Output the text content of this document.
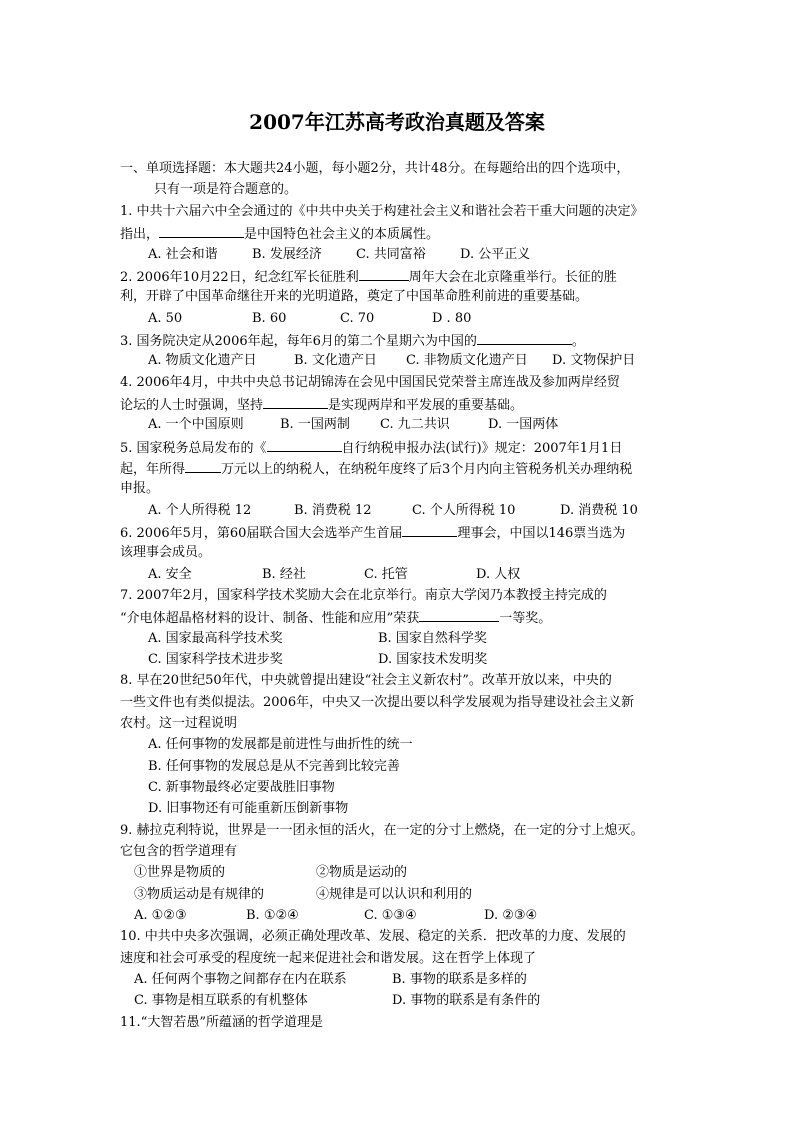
2007年江苏高考政治真题及答案
一、单项选择题：本大题共24小题，每小题2分，共计48分。在每题给出的四个选项中，
只有一项是符合题意的。
1. 中共十六届六中全会通过的《中共中央关于构建社会主义和谐社会若干重大问题的决定》
指出，	是中国特色社会主义的本质属性。
A. 社会和谐	B. 发展经济	C. 共同富裕	D. 公平正义
2. 2006年10月22日，纪念红军长征胜利	周年大会在北京隆重举行。长征的胜
利，开辟了中国革命继往开来的光明道路，奠定了中国革命胜利前进的重要基础。
A. 50	B. 60	C. 70	D . 80
3. 国务院决定从2006年起，每年6月的第二个星期六为中国的	。
A. 物质文化遗产日	B. 文化遗产日 C. 非物质文化遗产日 D. 文物保护日
4. 2006年4月，中共中央总书记胡锦涛在会见中国国民党荣誉主席连战及参加两岸经贸
论坛的人士时强调，坚持	是实现两岸和平发展的重要基础。
A. 一个中国原则	B. 一国两制 C. 九二共识	D. 一国两体
5. 国家税务总局发布的《	自行纳税申报办法(试行)》规定：2007年1月1日
起，年所得	万元以上的纳税人，在纳税年度终了后3个月内向主管税务机关办理纳税
申报。
A. 个人所得税 12	B. 消费税 12	C. 个人所得税 10	D. 消费税 10
6. 2006年5月，第60届联合国大会选举产生首届	理事会，中国以146票当选为
该理事会成员。
A. 安全	B. 经社	C. 托管	D. 人权
7. 2007年2月，国家科学技术奖励大会在北京举行。南京大学闵乃本教授主持完成的
“介电体超晶格材料的设计、制备、性能和应用”荣获	一等奖。
A. 国家最高科学技术奖	B. 国家自然科学奖
C. 国家科学技术进步奖	D. 国家技术发明奖
8. 早在20世纪50年代，中央就曾提出建设“社会主义新农村”。改革开放以来，中央的
一些文件也有类似提法。2006年，中央又一次提出要以科学发展观为指导建设社会主义新
农村。这一过程说明
A. 任何事物的发展都是前进性与曲折性的统一
B. 任何事物的发展总是从不完善到比较完善
C. 新事物最终必定要战胜旧事物
D. 旧事物还有可能重新压倒新事物
9. 赫拉克利特说，世界是一一团永恒的活火，在一定的分寸上燃烧，在一定的分寸上熄灭。
它包含的哲学道理有
①世界是物质的	②物质是运动的
③物质运动是有规律的	④规律是可以认识和利用的
A. ①②③	B. ①②④	C. ①③④	D. ②③④
10. 中共中央多次强调，必须正确处理改革、发展、稳定的关系．把改革的力度、发展的
速度和社会可承受的程度统一起来促进社会和谐发展。这在哲学上体现了
A. 任何两个事物之间都存在内在联系	B. 事物的联系是多样的
C. 事物是相互联系的有机整体	D. 事物的联系是有条件的
11.“大智若愚”所蕴涵的哲学道理是
